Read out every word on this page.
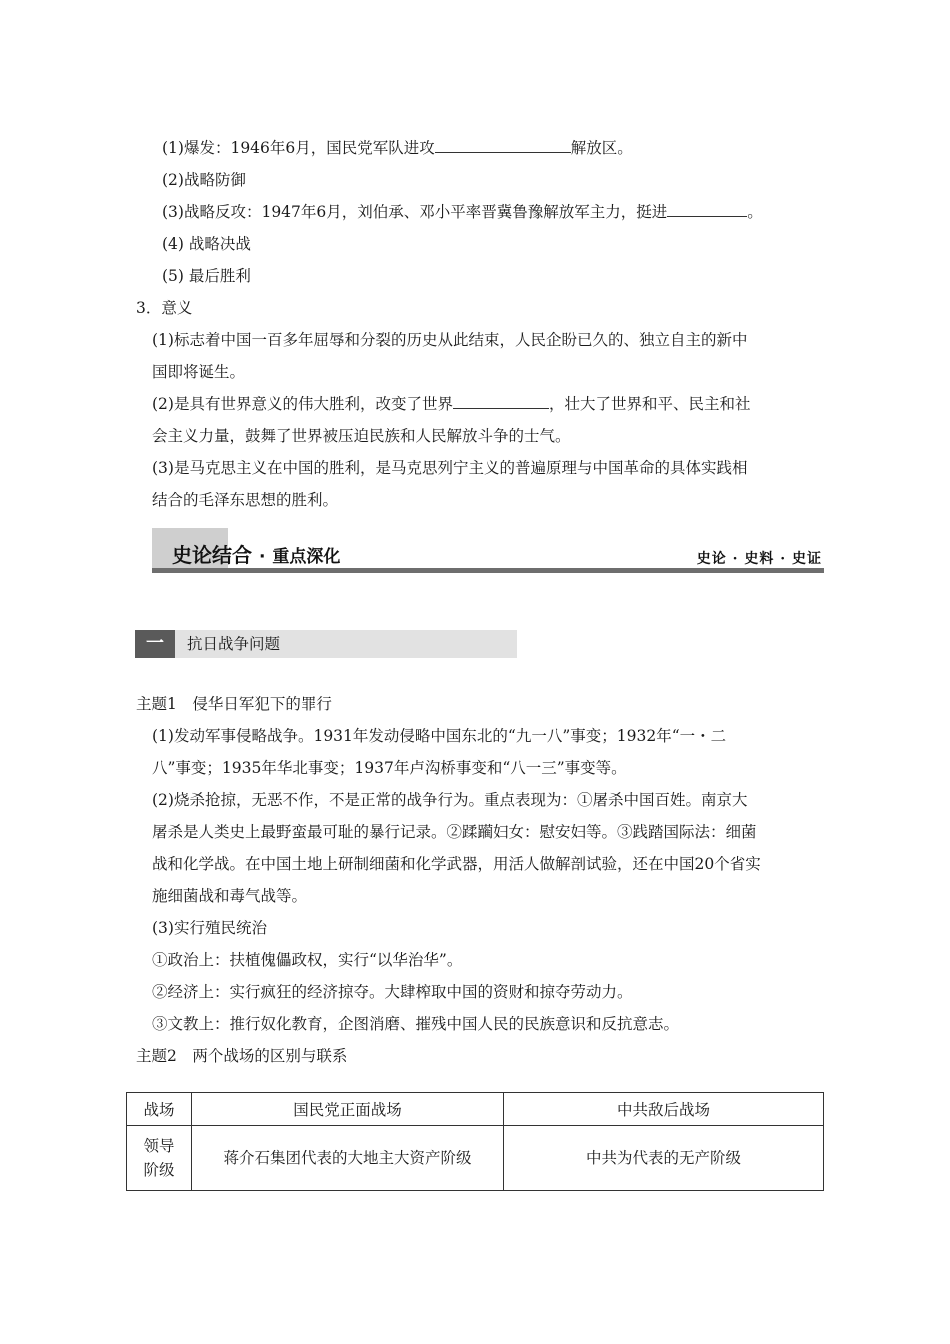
(1)爆发：1946年6月，国民党军队进攻	解放区。
(2)战略防御
(3)战略反攻：1947年6月，刘伯承、邓小平率晋冀鲁豫解放军主力，挺进	。
(4) 战略决战
(5) 最后胜利
3．意义
(1)标志着中国一百多年屈辱和分裂的历史从此结束，人民企盼已久的、独立自主的新中
国即将诞生。
(2)是具有世界意义的伟大胜利，改变了世界	，壮大了世界和平、民主和社
会主义力量，鼓舞了世界被压迫民族和人民解放斗争的士气。
(3)是马克思主义在中国的胜利，是马克思列宁主义的普遍原理与中国革命的具体实践相
结合的毛泽东思想的胜利。
史论结合 · 重点深化	史论 · 史料 · 史证
一	抗日战争问题
主题1　侵华日军犯下的罪行
(1)发动军事侵略战争。1931年发动侵略中国东北的“九一八”事变；1932年“一・二
八”事变；1935年华北事变；1937年卢沟桥事变和“八一三”事变等。
(2)烧杀抢掠，无恶不作，不是正常的战争行为。重点表现为：①屠杀中国百姓。南京大
屠杀是人类史上最野蛮最可耻的暴行记录。②蹂躏妇女：慰安妇等。③践踏国际法：细菌
战和化学战。在中国土地上研制细菌和化学武器，用活人做解剖试验，还在中国20个省实
施细菌战和毒气战等。
(3)实行殖民统治
①政治上：扶植傀儡政权，实行“以华治华”。
②经济上：实行疯狂的经济掠夺。大肆榨取中国的资财和掠夺劳动力。
③文教上：推行奴化教育，企图消磨、摧残中国人民的民族意识和反抗意志。
主题2　两个战场的区别与联系
战场	国民党正面战场	中共敌后战场

领导
阶级	蒋介石集团代表的大地主大资产阶级	中共为代表的无产阶级
